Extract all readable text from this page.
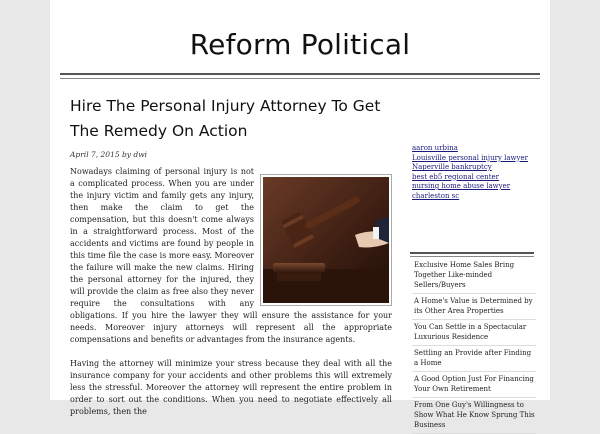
Reform Political
Hire The Personal Injury Attorney To Get The Remedy On Action
April 7, 2015 by dwi

Nowadays claiming of personal injury is not a complicated process. When you are under the injury victim and family gets any injury, then make the claim to get the compensation, but this doesn't come always in a straightforward process. Most of the accidents and victims are found by people in this time file the case is more easy. Moreover the failure will make the new claims. Hiring the personal attorney for the injured, they will provide the claim as free also they never require the consultations with any obligations. If you hire the lawyer they will ensure the assistance for your needs. Moreover injury attorneys will represent all the appropriate compensations and benefits or advantages from the insurance agents.

Having the attorney will minimize your stress because they deal with all the insurance company for your accidents and other problems this will extremely less the stressful. Moreover the attorney will represent the entire problem in order to sort out the conditions. When you need to negotiate effectively all problems, then the

aaron urbina
Louisville personal injury lawyer
Naperville bankruptcy
best eb5 regional center
nursing home abuse lawyer
charleston sc
Exclusive Home Sales Bring Together Like-minded Sellers/Buyers
A Home's Value is Determined by its Other Area Properties
You Can Settle in a Spectacular Luxurious Residence
Settling an Provide after Finding a Home
A Good Option Just For Financing Your Own Retirement
From One Guy's Willingness to Show What He Know Sprung This Business
